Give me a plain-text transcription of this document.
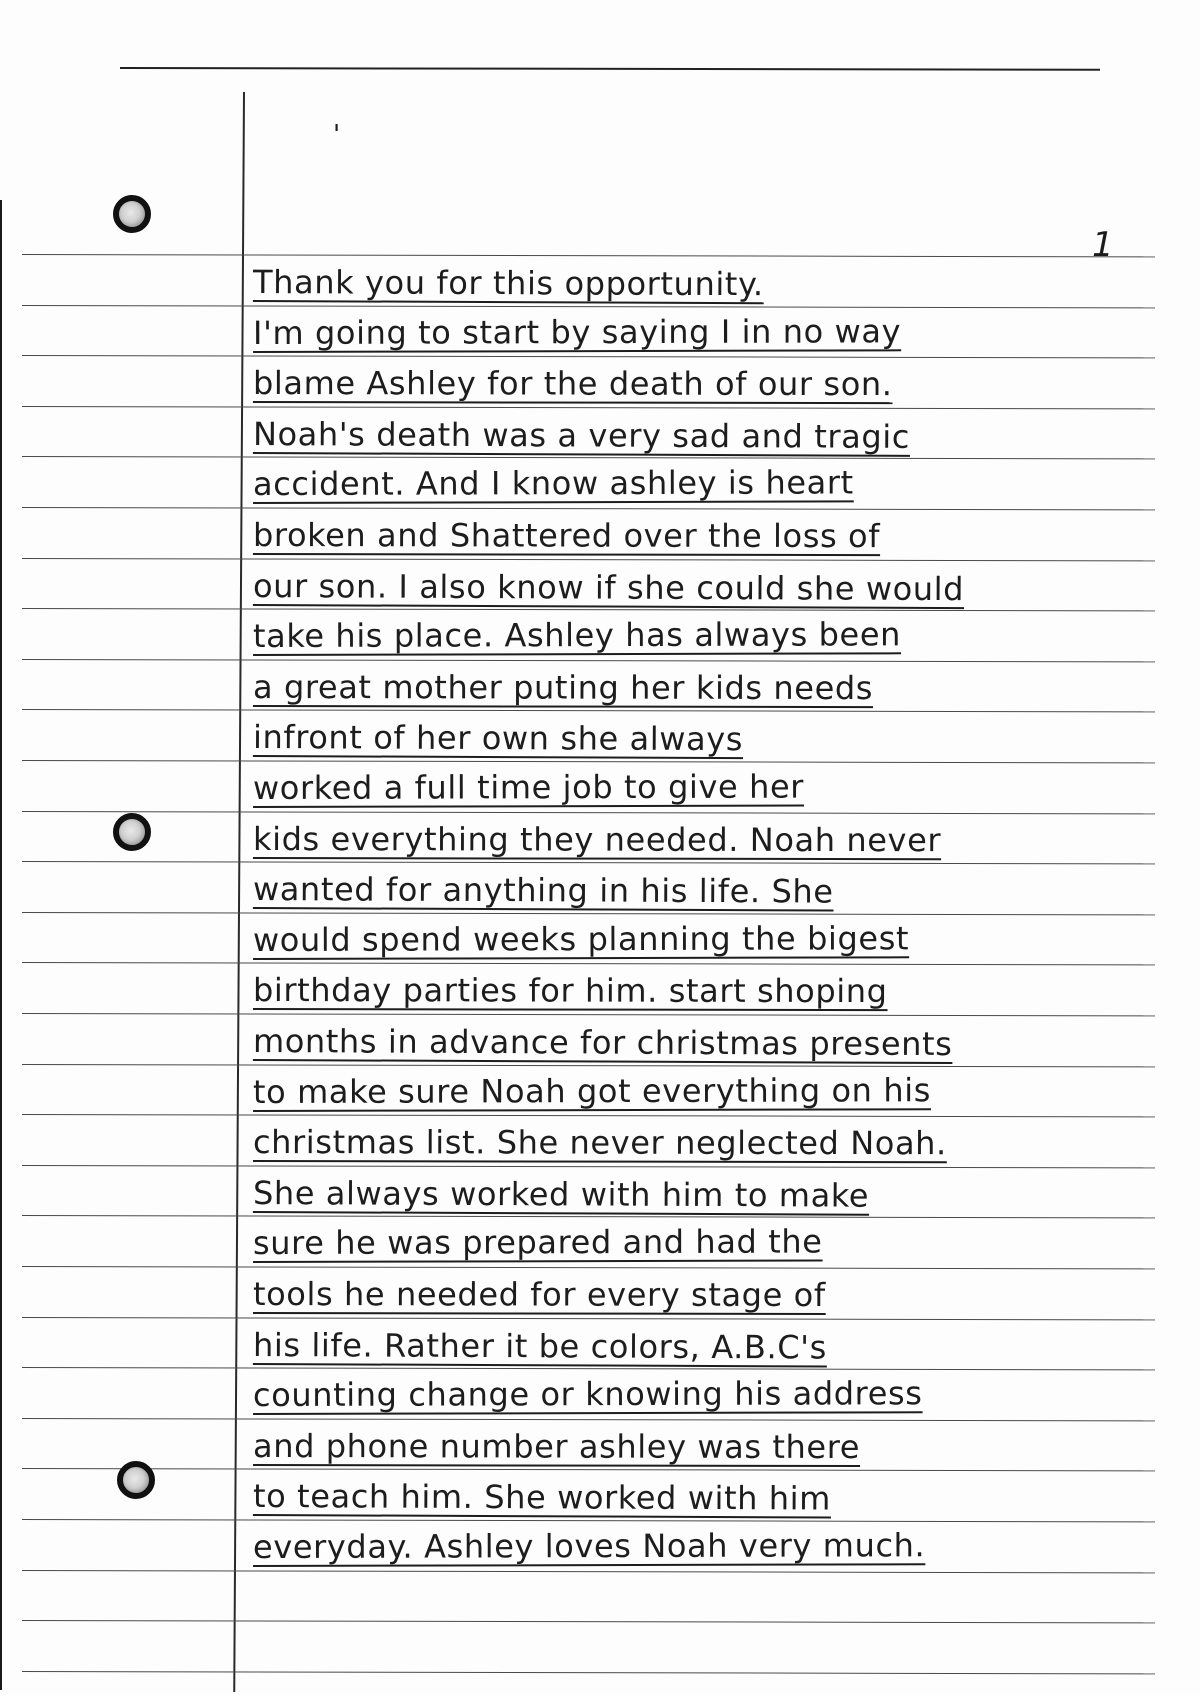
'
1
Thank you for this opportunity.
I'm going to start by saying I in no way
blame Ashley for the death of our son.
Noah's death was a very sad and tragic
accident. And I know ashley is heart
broken and Shattered over the loss of
our son. I also know if she could she would
take his place. Ashley has always been
a great mother puting her kids needs
infront of her own she always
worked a full time job to give her
kids everything they needed. Noah never
wanted for anything in his life. She
would spend weeks planning the bigest
birthday parties for him. start shoping
months in advance for christmas presents
to make sure Noah got everything on his
christmas list. She never neglected Noah.
She always worked with him to make
sure he was prepared and had the
tools he needed for every stage of
his life. Rather it be colors, A.B.C's
counting change or knowing his address
and phone number ashley was there
to teach him. She worked with him
everyday. Ashley loves Noah very much.
